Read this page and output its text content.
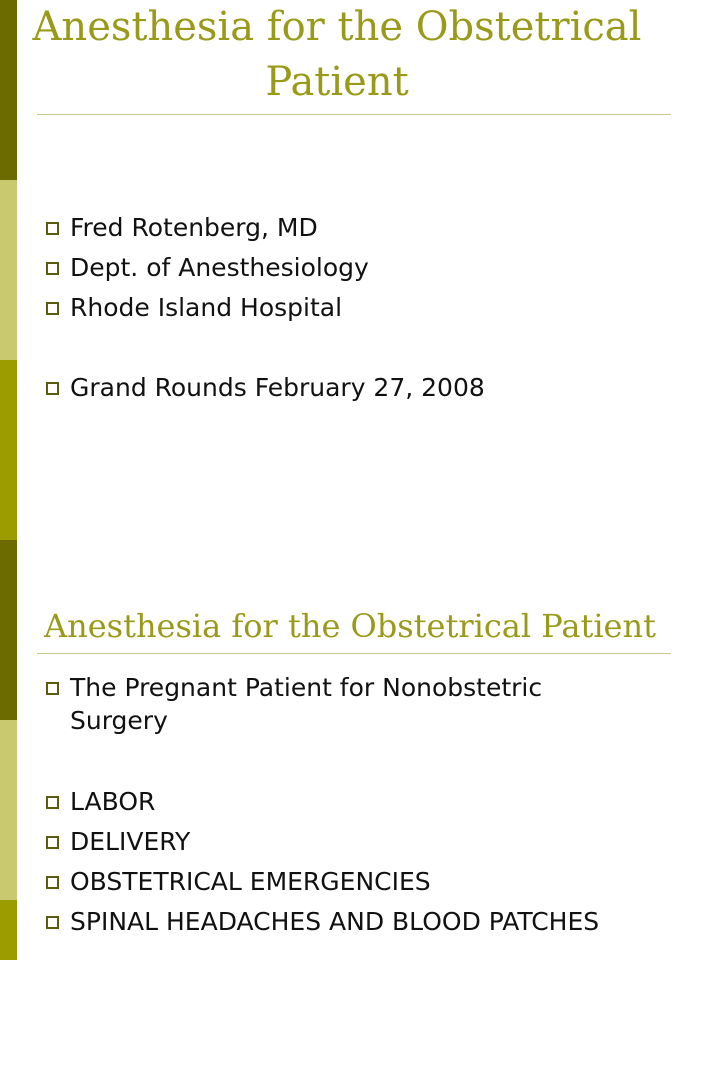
Anesthesia for the Obstetrical
Patient
Fred Rotenberg, MD
Dept. of Anesthesiology
Rhode Island Hospital
Grand Rounds February 27, 2008
Anesthesia for the Obstetrical Patient
The Pregnant Patient for Nonobstetric Surgery
LABOR
DELIVERY
OBSTETRICAL EMERGENCIES
SPINAL HEADACHES AND BLOOD PATCHES
